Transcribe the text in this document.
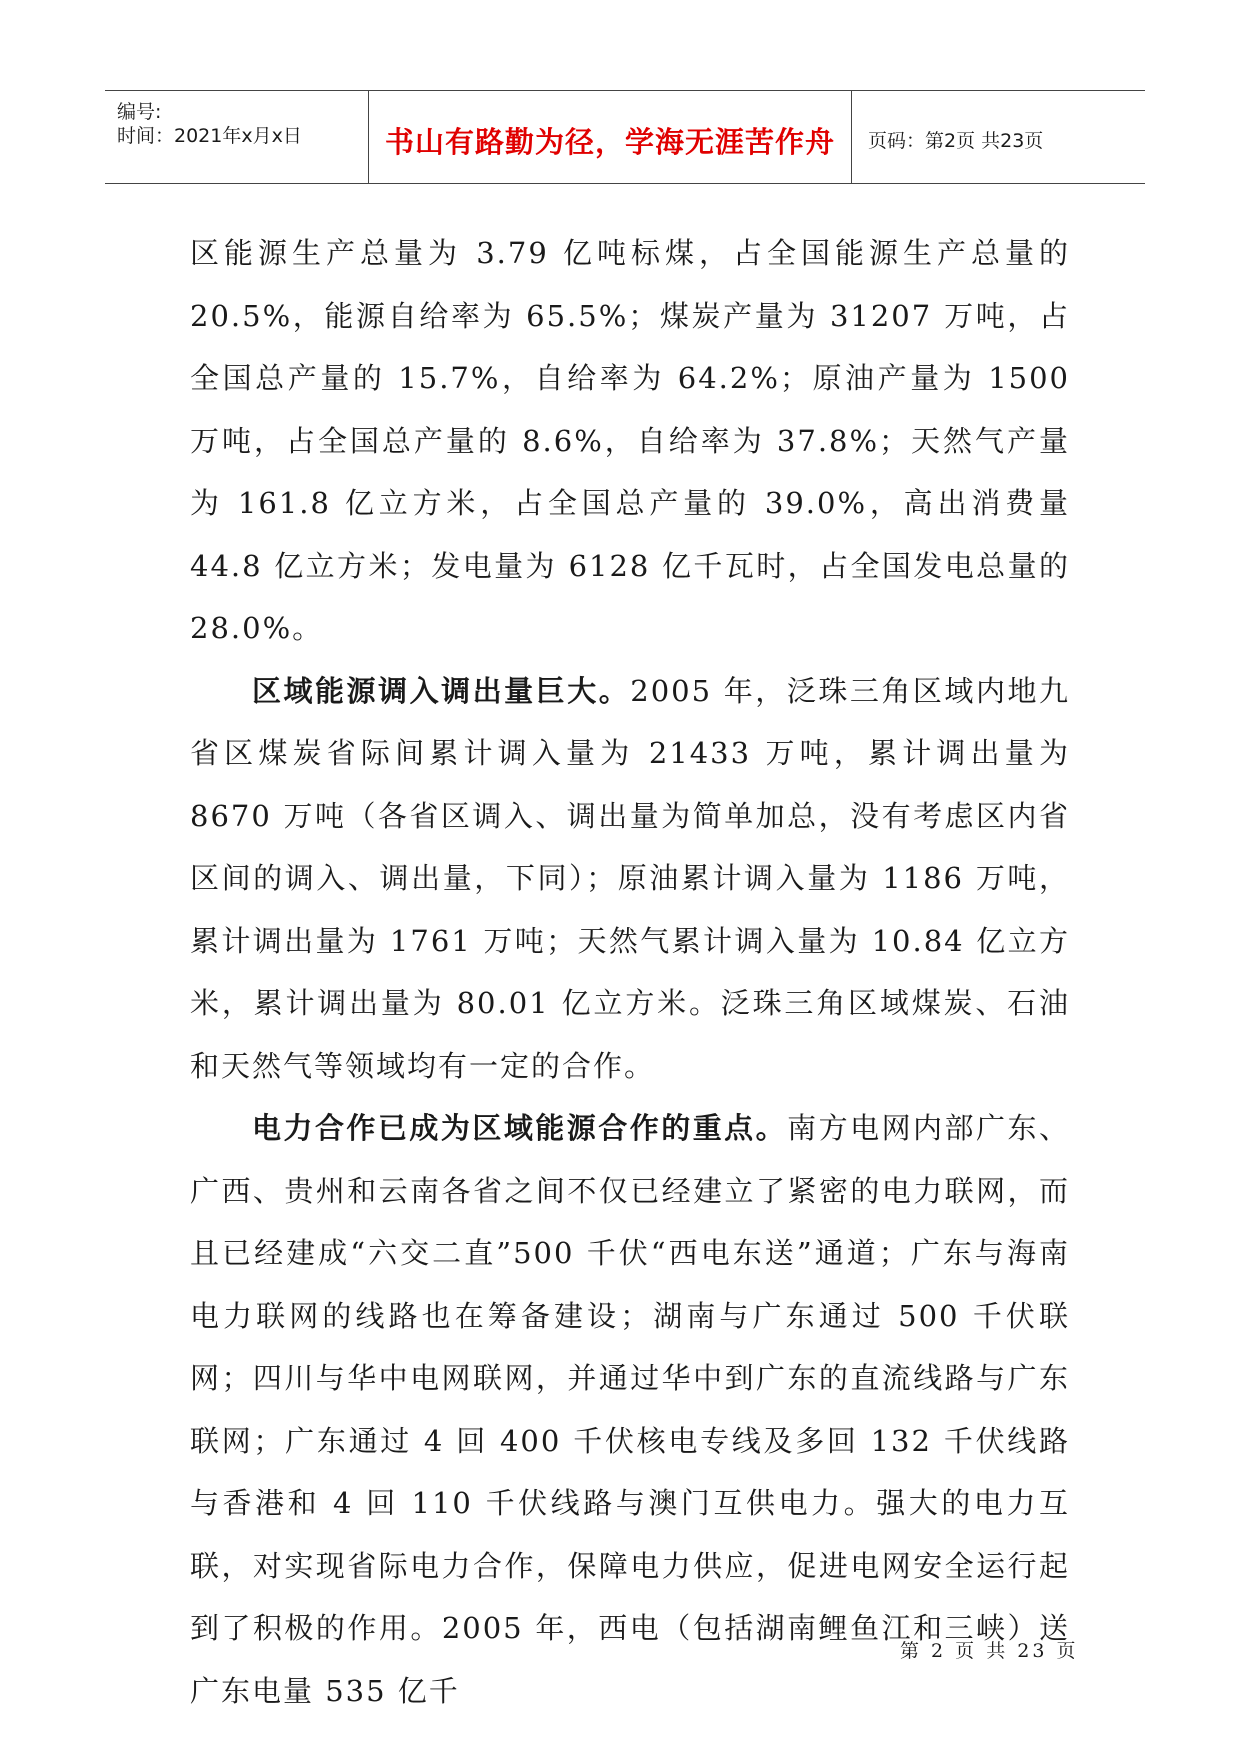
编号:
时间：2021年x月x日	书山有路勤为径，学海无涯苦作舟	页码：第2页 共23页

区能源生产总量为 3.79 亿吨标煤，占全国能源生产总量的 20.5%，能源自给率为 65.5%；煤炭产量为 31207 万吨，占全国总产量的 15.7%，自给率为 64.2%；原油产量为 1500 万吨，占全国总产量的 8.6%，自给率为 37.8%；天然气产量为 161.8 亿立方米，占全国总产量的 39.0%，高出消费量 44.8 亿立方米；发电量为 6128 亿千瓦时，占全国发电总量的 28.0%。

区域能源调入调出量巨大。2005 年，泛珠三角区域内地九省区煤炭省际间累计调入量为 21433 万吨，累计调出量为 8670 万吨（各省区调入、调出量为简单加总，没有考虑区内省区间的调入、调出量，下同）；原油累计调入量为 1186 万吨，累计调出量为 1761 万吨；天然气累计调入量为 10.84 亿立方米，累计调出量为 80.01 亿立方米。泛珠三角区域煤炭、石油和天然气等领域均有一定的合作。

电力合作已成为区域能源合作的重点。南方电网内部广东、广西、贵州和云南各省之间不仅已经建立了紧密的电力联网，而且已经建成“六交二直”500 千伏“西电东送”通道；广东与海南电力联网的线路也在筹备建设；湖南与广东通过 500 千伏联网；四川与华中电网联网，并通过华中到广东的直流线路与广东联网；广东通过 4 回 400 千伏核电专线及多回 132 千伏线路与香港和 4 回 110 千伏线路与澳门互供电力。强大的电力互联，对实现省际电力合作，保障电力供应，促进电网安全运行起到了积极的作用。2005 年，西电（包括湖南鲤鱼江和三峡）送广东电量 535 亿千

第 2 页 共 23 页
